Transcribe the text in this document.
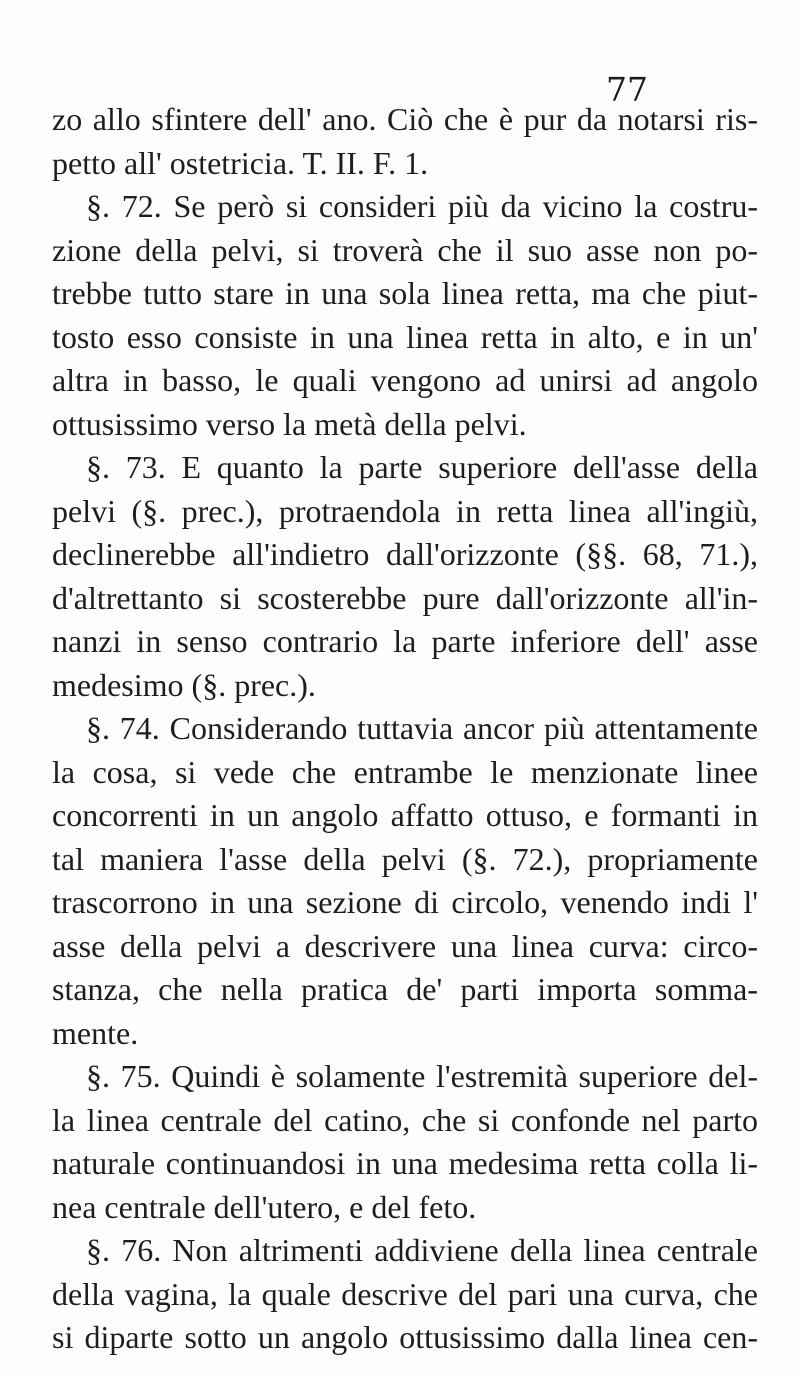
77
zo allo sfintere dell' ano. Ciò che è pur da notarsi ris-
petto all' ostetricia. T. II. F. 1.
§. 72. Se però si consideri più da vicino la costru-
zione della pelvi, si troverà che il suo asse non po-
trebbe tutto stare in una sola linea retta, ma che piut-
tosto esso consiste in una linea retta in alto, e in un'
altra in basso, le quali vengono ad unirsi ad angolo
ottusissimo verso la metà della pelvi.
§. 73. E quanto la parte superiore dell'asse della
pelvi (§. prec.), protraendola in retta linea all'ingiù,
declinerebbe all'indietro dall'orizzonte (§§. 68, 71.),
d'altrettanto si scosterebbe pure dall'orizzonte all'in-
nanzi in senso contrario la parte inferiore dell' asse
medesimo (§. prec.).
§. 74. Considerando tuttavia ancor più attentamente
la cosa, si vede che entrambe le menzionate linee
concorrenti in un angolo affatto ottuso, e formanti in
tal maniera l'asse della pelvi (§. 72.), propriamente
trascorrono in una sezione di circolo, venendo indi l'
asse della pelvi a descrivere una linea curva: circo-
stanza, che nella pratica de' parti importa somma-
mente.
§. 75. Quindi è solamente l'estremità superiore del-
la linea centrale del catino, che si confonde nel parto
naturale continuandosi in una medesima retta colla li-
nea centrale dell'utero, e del feto.
§. 76. Non altrimenti addiviene della linea centrale
della vagina, la quale descrive del pari una curva, che
si diparte sotto un angolo ottusissimo dalla linea cen-
